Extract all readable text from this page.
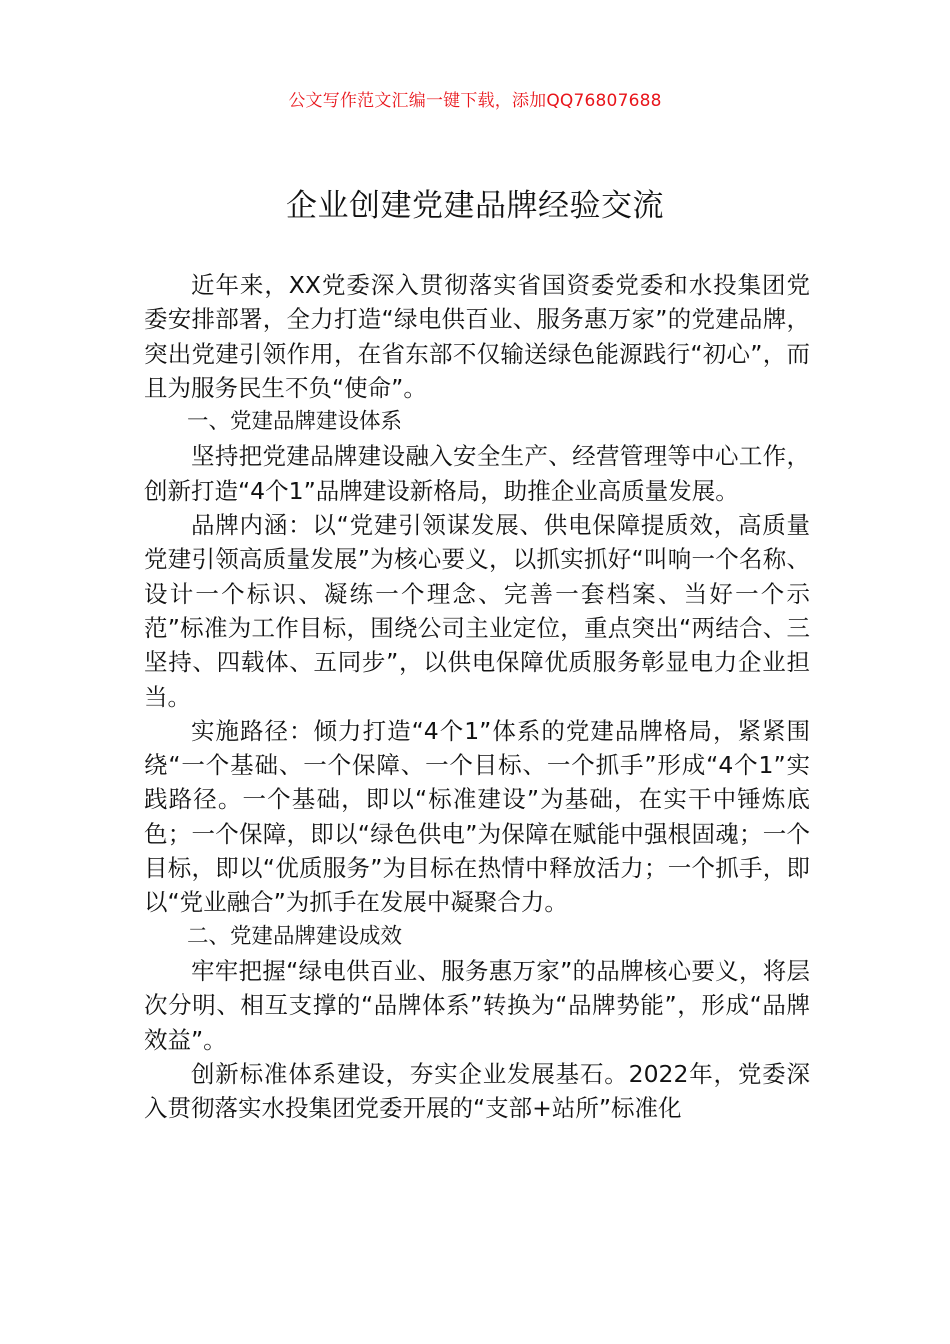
公文写作范文汇编一键下载，添加QQ76807688
企业创建党建品牌经验交流

近年来，XX党委深入贯彻落实省国资委党委和水投集团党委安排部署，全力打造“绿电供百业、服务惠万家”的党建品牌，突出党建引领作用，在省东部不仅输送绿色能源践行“初心”，而且为服务民生不负“使命”。

一、党建品牌建设体系

坚持把党建品牌建设融入安全生产、经营管理等中心工作，创新打造“4个1”品牌建设新格局，助推企业高质量发展。

品牌内涵：以“党建引领谋发展、供电保障提质效，高质量党建引领高质量发展”为核心要义，以抓实抓好“叫响一个名称、设计一个标识、凝练一个理念、完善一套档案、当好一个示范”标准为工作目标，围绕公司主业定位，重点突出“两结合、三坚持、四载体、五同步”，以供电保障优质服务彰显电力企业担当。

实施路径：倾力打造“4个1”体系的党建品牌格局，紧紧围绕“一个基础、一个保障、一个目标、一个抓手”形成“4个1”实践路径。一个基础，即以“标准建设”为基础，在实干中锤炼底色；一个保障，即以“绿色供电”为保障在赋能中强根固魂；一个目标，即以“优质服务”为目标在热情中释放活力；一个抓手，即以“党业融合”为抓手在发展中凝聚合力。

二、党建品牌建设成效

牢牢把握“绿电供百业、服务惠万家”的品牌核心要义，将层次分明、相互支撑的“品牌体系”转换为“品牌势能”，形成“品牌效益”。

创新标准体系建设，夯实企业发展基石。2022年，党委深入贯彻落实水投集团党委开展的“支部+站所”标准化
